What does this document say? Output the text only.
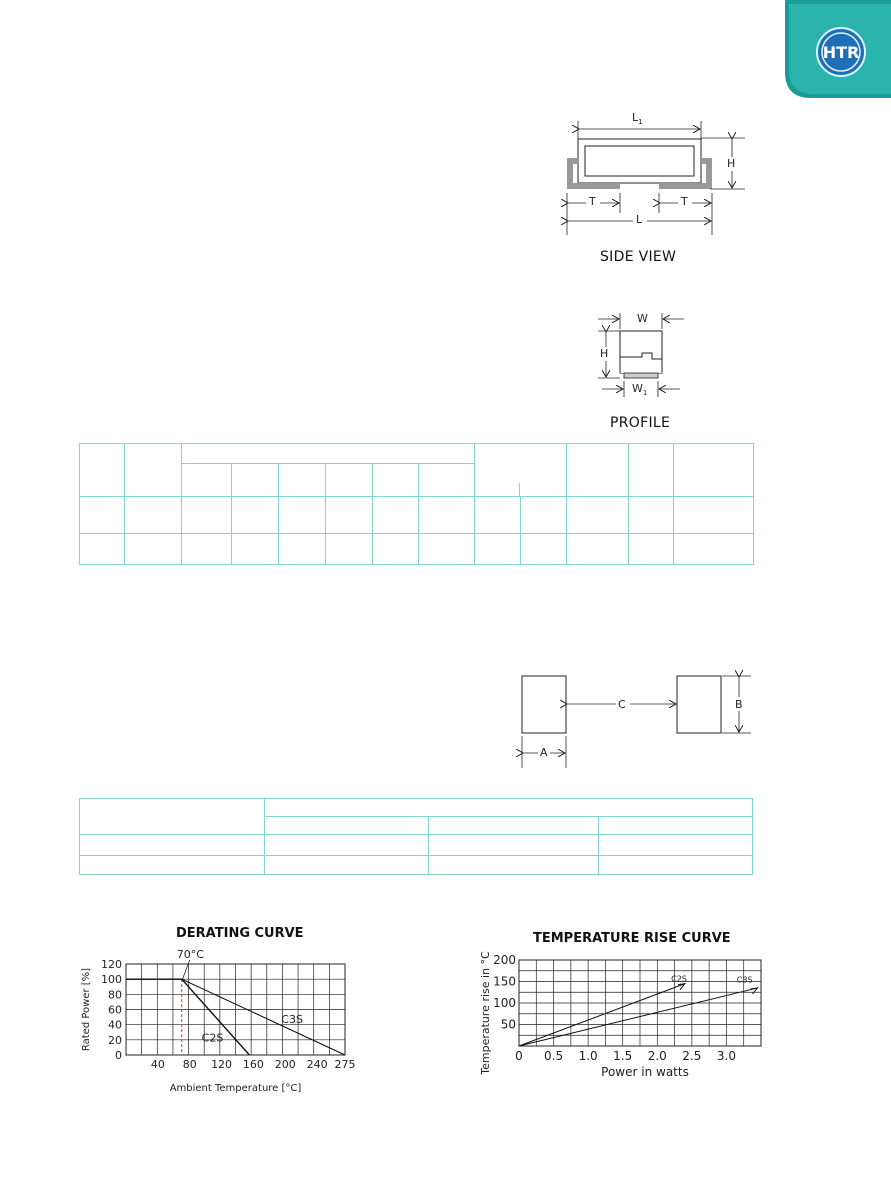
HTR
$L_1$
H
T	T
L
SIDE VIEW
W
H
$W_1$
PROFILE

C	B
A

DERATING CURVE
0
20
40
60
80
100
120
40 80 120 160 200 240 275
70°C
C2S
C3S
Rated Power [%]
Ambient Temperature [°C]
TEMPERATURE RISE CURVE
50
100
150
200
0 0.5 1.0 1.5 2.0 2.5 3.0
C2S	C3S
Temperature rise in °C	Power in watts
